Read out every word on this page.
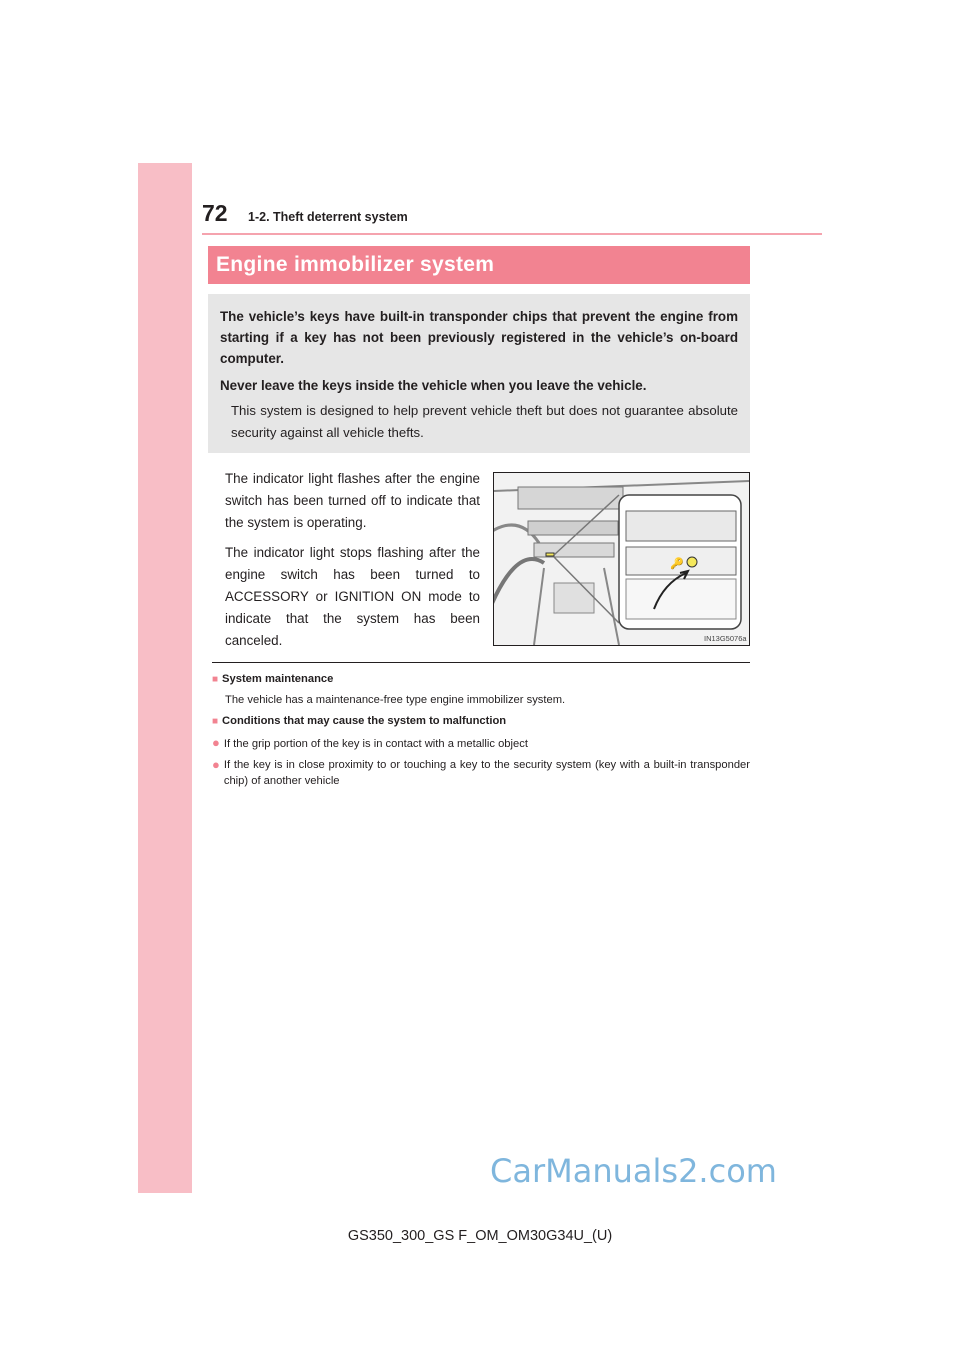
72 1-2. Theft deterrent system
Engine immobilizer system

The vehicle’s keys have built-in transponder chips that prevent the engine from starting if a key has not been previously registered in the vehicle’s on-board computer.

Never leave the keys inside the vehicle when you leave the vehicle.

This system is designed to help prevent vehicle theft but does not guarantee absolute security against all vehicle thefts.

The indicator light flashes after the engine switch has been turned off to indicate that the system is operating.

The indicator light stops flashing after the engine switch has been turned to ACCESSORY or IGNITION ON mode to indicate that the system has been canceled.

🔑
IN13G5076a
■ System maintenance
The vehicle has a maintenance-free type engine immobilizer system.
■ Conditions that may cause the system to malfunction
● If the grip portion of the key is in contact with a metallic object
● If the key is in close proximity to or touching a key to the security system (key with a built-in transponder chip) of another vehicle
CarManuals2.com
GS350_300_GS F_OM_OM30G34U_(U)
